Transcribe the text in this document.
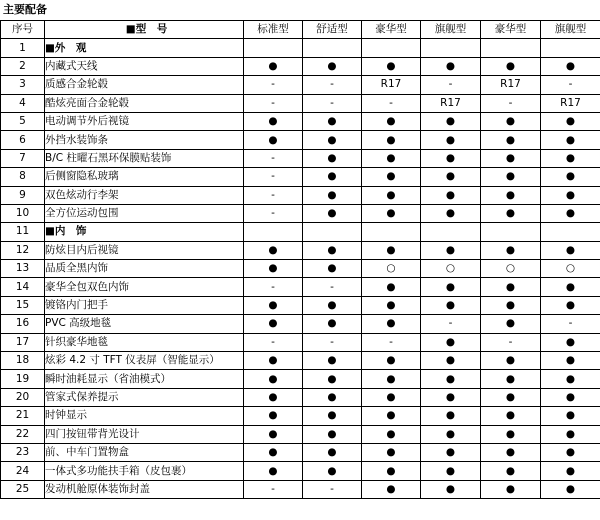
主要配备
序号	■型　号	标准型	舒适型	豪华型	旗舰型	豪华型	旗舰型
1	■外　观						
2	内藏式天线	●	●	●	●	●	●
3	质感合金轮毂	-	-	R17	-	R17	-
4	酷炫亮面合金轮毂	-	-	-	R17	-	R17
5	电动调节外后视镜	●	●	●	●	●	●
6	外挡水装饰条	●	●	●	●	●	●
7	B/C 柱曜石黑环保膜贴装饰	-	●	●	●	●	●
8	后侧窗隐私玻璃	-	●	●	●	●	●
9	双色炫动行李架	-	●	●	●	●	●
10	全方位运动包围	-	●	●	●	●	●
11	■内　饰						
12	防炫目内后视镜	●	●	●	●	●	●
13	品质全黑内饰	●	●	○	○	○	○
14	豪华全包双色内饰	-	-	●	●	●	●
15	镀铬内门把手	●	●	●	●	●	●
16	PVC 高级地毯	●	●	●	-	●	-
17	针织豪华地毯	-	-	-	●	-	●
18	炫彩 4.2 寸 TFT 仪表屏（智能显示）	●	●	●	●	●	●
19	瞬时油耗显示（省油模式）	●	●	●	●	●	●
20	管家式保养提示	●	●	●	●	●	●
21	时钟显示	●	●	●	●	●	●
22	四门按钮带背光设计	●	●	●	●	●	●
23	前、中车门置物盒	●	●	●	●	●	●
24	一体式多功能扶手箱（皮包裹）	●	●	●	●	●	●
25	发动机舱原体装饰封盖	-	-	●	●	●	●
